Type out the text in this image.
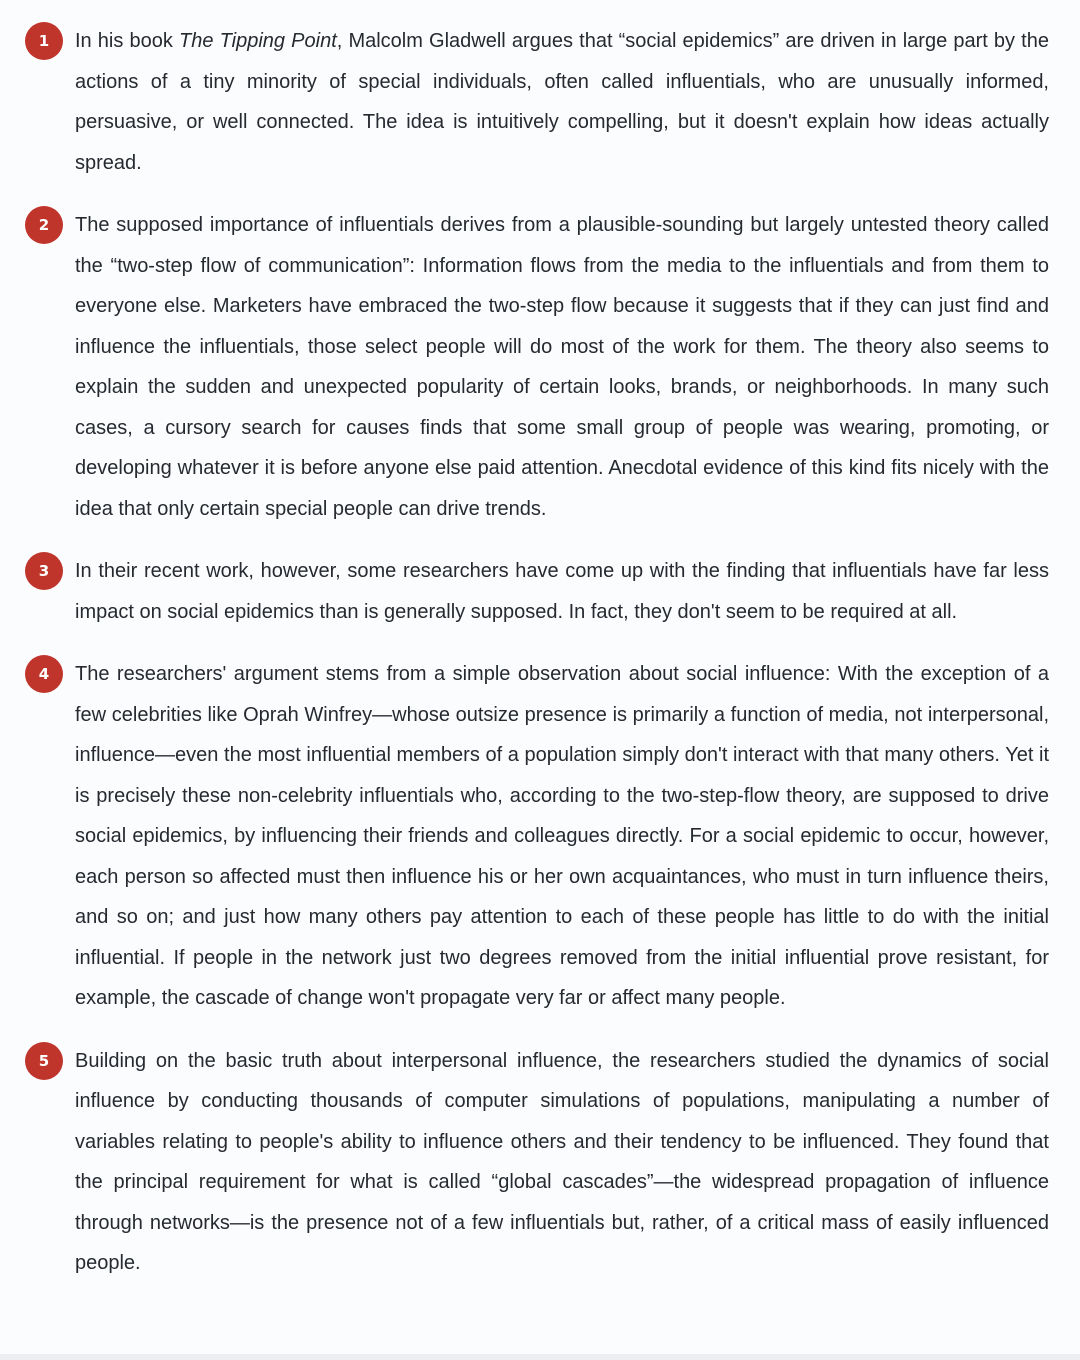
1	In his book The Tipping Point, Malcolm Gladwell argues that “social epidemics” are driven in large part by the actions of a tiny minority of special individuals, often called influentials, who are unusually informed, persuasive, or well connected. The idea is intuitively compelling, but it doesn't explain how ideas actually spread.

2	The supposed importance of influentials derives from a plausible-sounding but largely untested theory called the “two-step flow of communication”: Information flows from the media to the influentials and from them to everyone else. Marketers have embraced the two-step flow because it suggests that if they can just find and influence the influentials, those select people will do most of the work for them. The theory also seems to explain the sudden and unexpected popularity of certain looks, brands, or neighborhoods. In many such cases, a cursory search for causes finds that some small group of people was wearing, promoting, or developing whatever it is before anyone else paid attention. Anecdotal evidence of this kind fits nicely with the idea that only certain special people can drive trends.

3	In their recent work, however, some researchers have come up with the finding that influentials have far less impact on social epidemics than is generally supposed. In fact, they don't seem to be required at all.

4	The researchers' argument stems from a simple observation about social influence: With the exception of a few celebrities like Oprah Winfrey—whose outsize presence is primarily a function of media, not interpersonal, influence—even the most influential members of a population simply don't interact with that many others. Yet it is precisely these non-celebrity influentials who, according to the two-step-flow theory, are supposed to drive social epidemics, by influencing their friends and colleagues directly. For a social epidemic to occur, however, each person so affected must then influence his or her own acquaintances, who must in turn influence theirs, and so on; and just how many others pay attention to each of these people has little to do with the initial influential. If people in the network just two degrees removed from the initial influential prove resistant, for example, the cascade of change won't propagate very far or affect many people.

5	Building on the basic truth about interpersonal influence, the researchers studied the dynamics of social influence by conducting thousands of computer simulations of populations, manipulating a number of variables relating to people's ability to influence others and their tendency to be influenced. They found that the principal requirement for what is called “global cascades”—the widespread propagation of influence through networks—is the presence not of a few influentials but, rather, of a critical mass of easily influenced people.
